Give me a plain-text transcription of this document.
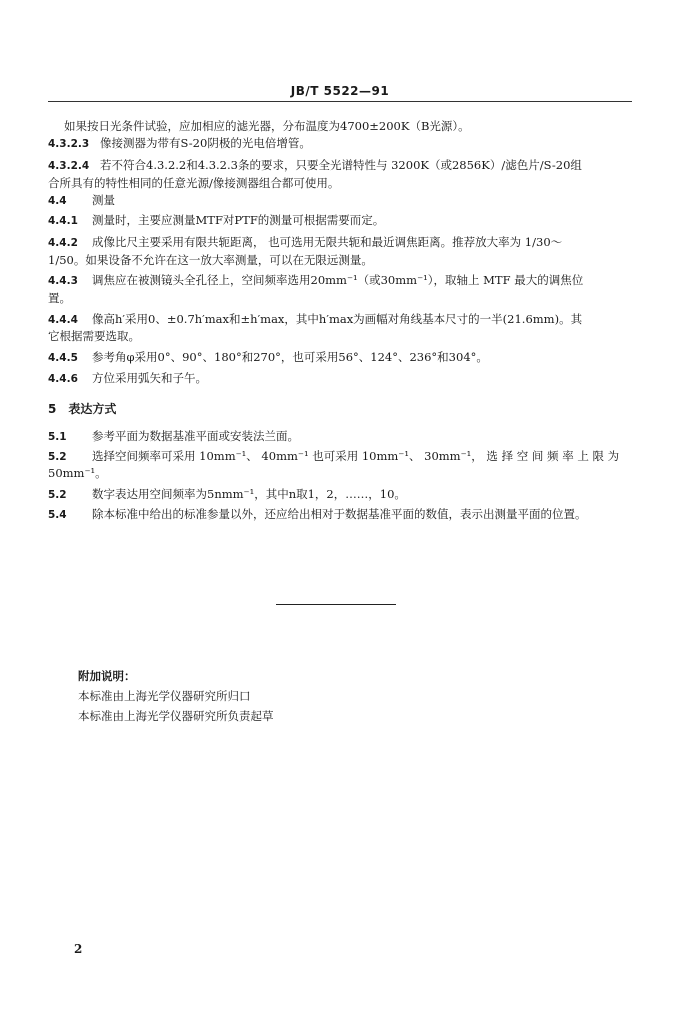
JB/T 5522—91
如果按日光条件试验，应加相应的滤光器，分布温度为4700±200K（B光源）。
4.3.2.3 像接测器为带有S-20阴极的光电倍增管。
4.3.2.4 若不符合4.3.2.2和4.3.2.3条的要求，只要全光谱特性与 3200K（或2856K）/滤色片/S-20组
合所具有的特性相同的任意光源/像接测器组合都可使用。
4.4 测量
4.4.1 测量时，主要应测量MTF对PTF的测量可根据需要而定。
4.4.2 成像比尺主要采用有限共轭距离， 也可选用无限共轭和最近调焦距离。推荐放大率为 1/30～
1/50。如果设备不允许在这一放大率测量，可以在无限远测量。
4.4.3 调焦应在被测镜头全孔径上，空间频率选用20mm⁻¹（或30mm⁻¹），取轴上 MTF 最大的调焦位
置。
4.4.4 像高h′采用0、±0.7h′max和±h′max，其中h′max为画幅对角线基本尺寸的一半(21.6mm)。其
它根据需要选取。
4.4.5 参考角φ采用0°、90°、180°和270°，也可采用56°、124°、236°和304°。
4.4.6 方位采用弧矢和子午。
5 表达方式
5.1 参考平面为数据基准平面或安装法兰面。
5.2 选择空间频率可采用 10mm⁻¹、 40mm⁻¹ 也可采用 10mm⁻¹、 30mm⁻¹， 选 择 空 间 频 率 上 限 为
50mm⁻¹。
5.2 数字表达用空间频率为5nmm⁻¹，其中n取1，2，……，10。
5.4 除本标准中给出的标准参量以外，还应给出相对于数据基准平面的数值，表示出测量平面的位置。
附加说明：
本标准由上海光学仪器研究所归口
本标准由上海光学仪器研究所负责起草
2
